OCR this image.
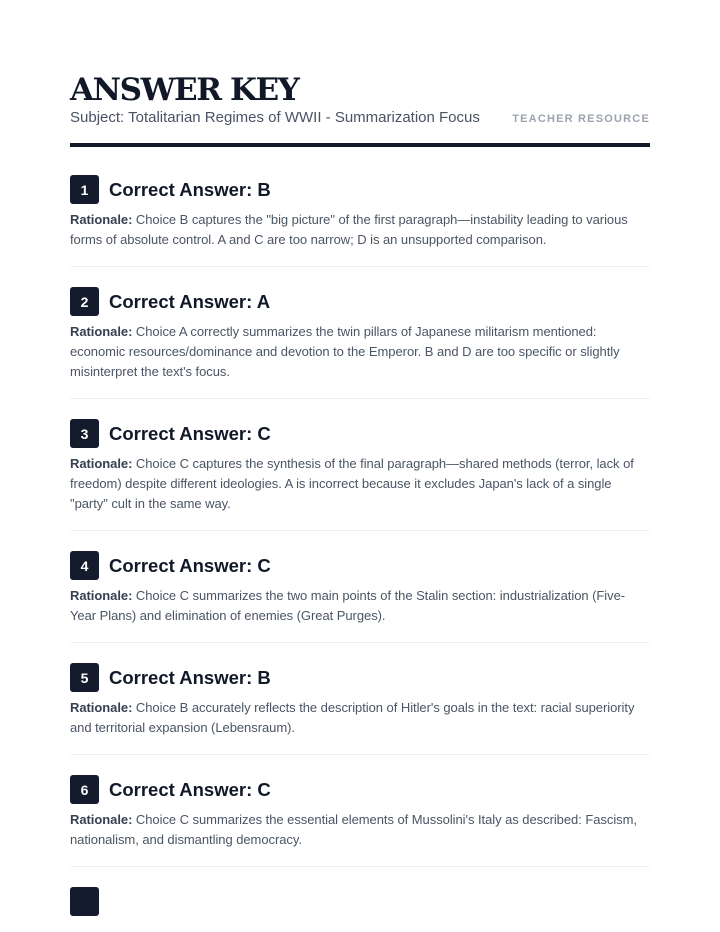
ANSWER KEY
Subject: Totalitarian Regimes of WWII - Summarization Focus	TEACHER RESOURCE
1	Correct Answer: B
Rationale: Choice B captures the "big picture" of the first paragraph—instability leading to various forms of absolute control. A and C are too narrow; D is an unsupported comparison.
2	Correct Answer: A
Rationale: Choice A correctly summarizes the twin pillars of Japanese militarism mentioned: economic resources/dominance and devotion to the Emperor. B and D are too specific or slightly misinterpret the text's focus.
3	Correct Answer: C
Rationale: Choice C captures the synthesis of the final paragraph—shared methods (terror, lack of freedom) despite different ideologies. A is incorrect because it excludes Japan's lack of a single "party" cult in the same way.
4	Correct Answer: C
Rationale: Choice C summarizes the two main points of the Stalin section: industrialization (Five-Year Plans) and elimination of enemies (Great Purges).
5	Correct Answer: B
Rationale: Choice B accurately reflects the description of Hitler's goals in the text: racial superiority and territorial expansion (Lebensraum).
6	Correct Answer: C
Rationale: Choice C summarizes the essential elements of Mussolini's Italy as described: Fascism, nationalism, and dismantling democracy.
